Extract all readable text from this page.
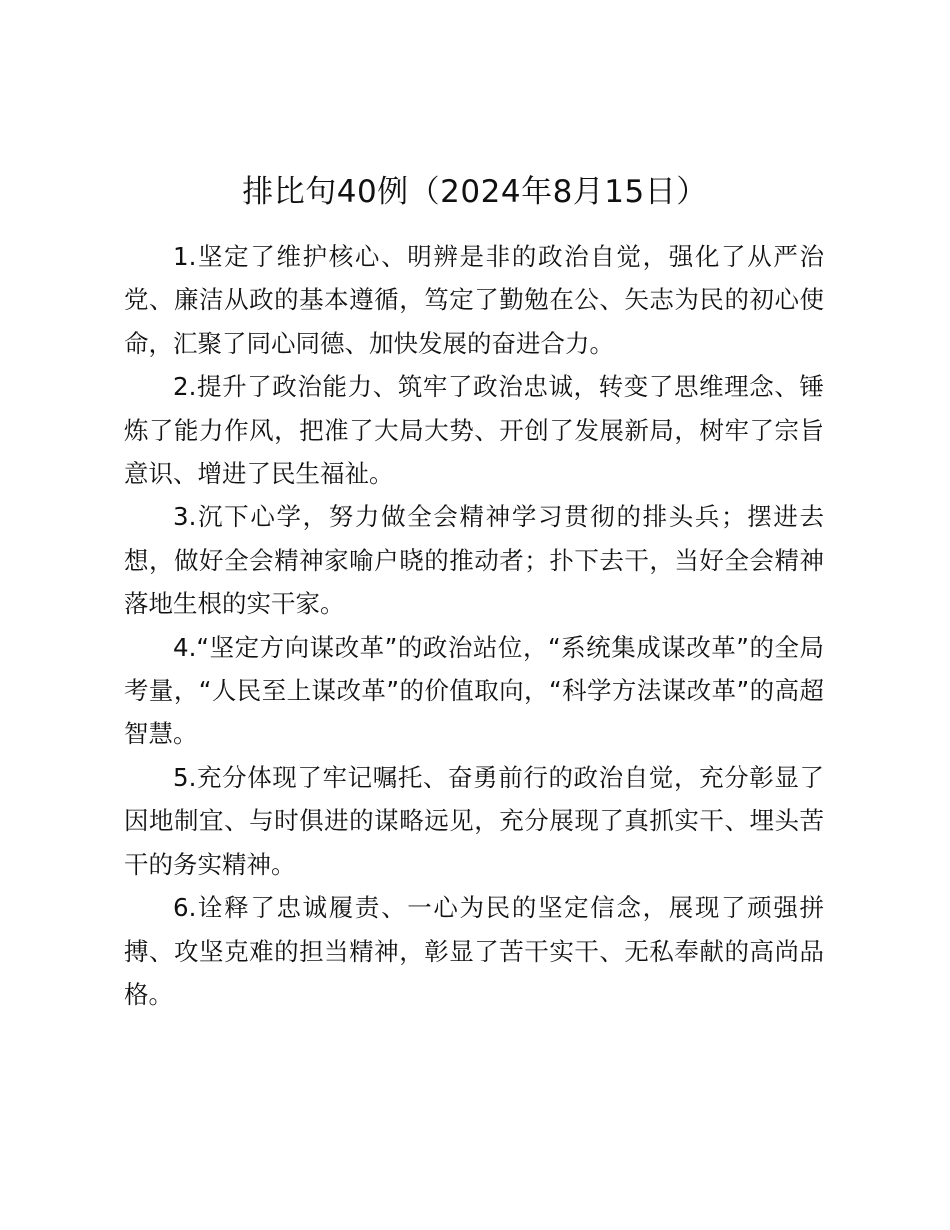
排比句40例（2024年8月15日）

1.坚定了维护核心、明辨是非的政治自觉，强化了从严治党、廉洁从政的基本遵循，笃定了勤勉在公、矢志为民的初心使命，汇聚了同心同德、加快发展的奋进合力。

2.提升了政治能力、筑牢了政治忠诚，转变了思维理念、锤炼了能力作风，把准了大局大势、开创了发展新局，树牢了宗旨意识、增进了民生福祉。

3.沉下心学，努力做全会精神学习贯彻的排头兵；摆进去想，做好全会精神家喻户晓的推动者；扑下去干，当好全会精神落地生根的实干家。

4.“坚定方向谋改革”的政治站位，“系统集成谋改革”的全局考量，“人民至上谋改革”的价值取向，“科学方法谋改革”的高超智慧。

5.充分体现了牢记嘱托、奋勇前行的政治自觉，充分彰显了因地制宜、与时俱进的谋略远见，充分展现了真抓实干、埋头苦干的务实精神。

6.诠释了忠诚履责、一心为民的坚定信念，展现了顽强拼搏、攻坚克难的担当精神，彰显了苦干实干、无私奉献的高尚品格。
